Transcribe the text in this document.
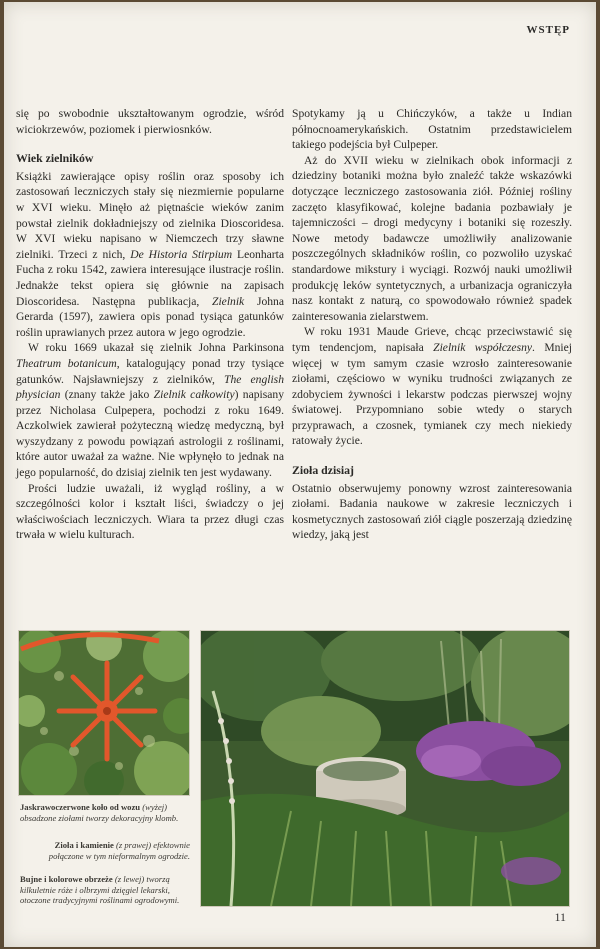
WSTĘP

się po swobodnie ukształtowanym ogrodzie, wśród wiciokrzewów, poziomek i pierwiosnków.

Wiek zielników

Książki zawierające opisy roślin oraz sposoby ich zastosowań leczniczych stały się niezmiernie popularne w XVI wieku. Minęło aż piętnaście wieków zanim powstał zielnik dokładniejszy od zielnika Dioscoridesa. W XVI wieku napisano w Niemczech trzy sławne zielniki. Trzeci z nich, De Historia Stirpium Leonharta Fucha z roku 1542, zawiera interesujące ilustracje roślin. Jednakże tekst opiera się głównie na zapisach Dioscoridesa. Następna publikacja, Zielnik Johna Gerarda (1597), zawiera opis ponad tysiąca gatunków roślin uprawianych przez autora w jego ogrodzie.

W roku 1669 ukazał się zielnik Johna Parkinsona Theatrum botanicum, katalogujący ponad trzy tysiące gatunków. Najsławniejszy z zielników, The english physician (znany także jako Zielnik całkowity) napisany przez Nicholasa Culpepera, pochodzi z roku 1649. Aczkolwiek zawierał pożyteczną wiedzę medyczną, był wyszydzany z powodu powiązań astrologii z roślinami, które autor uważał za ważne. Nie wpłynęło to jednak na jego popularność, do dzisiaj zielnik ten jest wydawany.

Prości ludzie uważali, iż wygląd rośliny, a w szczególności kolor i kształt liści, świadczy o jej właściwościach leczniczych. Wiara ta przez długi czas trwała w wielu kulturach.

Spotykamy ją u Chińczyków, a także u Indian północnoamerykańskich. Ostatnim przedstawicielem takiego podejścia był Culpeper.

Aż do XVII wieku w zielnikach obok informacji z dziedziny botaniki można było znaleźć także wskazówki dotyczące leczniczego zastosowania ziół. Później rośliny zaczęto klasyfikować, kolejne badania pozbawiały je tajemniczości – drogi medycyny i botaniki się rozeszły. Nowe metody badawcze umożliwiły analizowanie poszczególnych składników roślin, co pozwoliło uzyskać standardowe mikstury i wyciągi. Rozwój nauki umożliwił produkcję leków syntetycznych, a urbanizacja ograniczyła nasz kontakt z naturą, co spowodowało również spadek zainteresowania zielarstwem.

W roku 1931 Maude Grieve, chcąc przeciwstawić się tym tendencjom, napisała Zielnik współczesny. Mniej więcej w tym samym czasie wzrosło zainteresowanie ziołami, częściowo w wyniku trudności związanych ze zdobyciem żywności i lekarstw podczas pierwszej wojny światowej. Przypomniano sobie wtedy o starych przyprawach, a czosnek, tymianek czy mech niekiedy ratowały życie.

Zioła dzisiaj

Ostatnio obserwujemy ponowny wzrost zainteresowania ziołami. Badania naukowe w zakresie leczniczych i kosmetycznych zastosowań ziół ciągle poszerzają dziedzinę wiedzy, jaką jest

Jaskrawoczerwone koło od wozu (wyżej) obsadzone ziołami tworzy dekoracyjny klomb.
Zioła i kamienie (z prawej) efektownie połączone w tym nieformalnym ogrodzie.
Bujne i kolorowe obrzeże (z lewej) tworzą kilkuletnie róże i olbrzymi dzięgiel lekarski, otoczone tradycyjnymi roślinami ogrodowymi.
11
